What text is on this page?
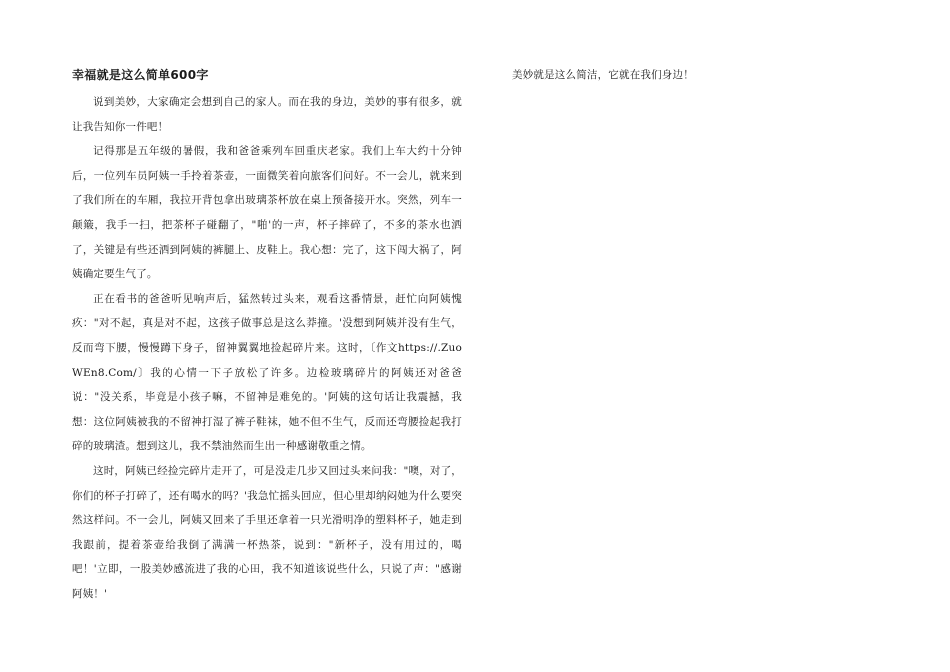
幸福就是这么简单600字

说到美妙，大家确定会想到自己的家人。而在我的身边，美妙的事有很多，就让我告知你一件吧！

记得那是五年级的暑假，我和爸爸乘列车回重庆老家。我们上车大约十分钟后，一位列车员阿姨一手拎着茶壶，一面微笑着向旅客们问好。不一会儿，就来到了我们所在的车厢，我拉开背包拿出玻璃茶杯放在桌上预备接开水。突然，列车一颠簸，我手一扫，把茶杯子碰翻了，"啪'的一声，杯子摔碎了，不多的茶水也洒了，关键是有些还洒到阿姨的裤腿上、皮鞋上。我心想：完了，这下闯大祸了，阿姨确定要生气了。

正在看书的爸爸听见响声后，猛然转过头来，观看这番情景，赶忙向阿姨愧疚："对不起，真是对不起，这孩子做事总是这么莽撞。'没想到阿姨并没有生气，反而弯下腰，慢慢蹲下身子，留神翼翼地捡起碎片来。这时，〔作文https://.ZuoWEn8.Com/〕我的心情一下子放松了许多。边检玻璃碎片的阿姨还对爸爸说："没关系，毕竟是小孩子嘛，不留神是难免的。'阿姨的这句话让我震撼，我想：这位阿姨被我的不留神打湿了裤子鞋袜，她不但不生气，反而还弯腰捡起我打碎的玻璃渣。想到这儿，我不禁油然而生出一种感谢敬重之情。

这时，阿姨已经捡完碎片走开了，可是没走几步又回过头来问我："噢，对了，你们的杯子打碎了，还有喝水的吗？'我急忙摇头回应，但心里却纳闷她为什么要突然这样问。不一会儿，阿姨又回来了手里还拿着一只光滑明净的塑料杯子，她走到我跟前，提着茶壶给我倒了满满一杯热茶，说到："新杯子，没有用过的，喝吧！'立即，一股美妙感流进了我的心田，我不知道该说些什么，只说了声："感谢阿姨！'

美妙就是这么简洁，它就在我们身边！
